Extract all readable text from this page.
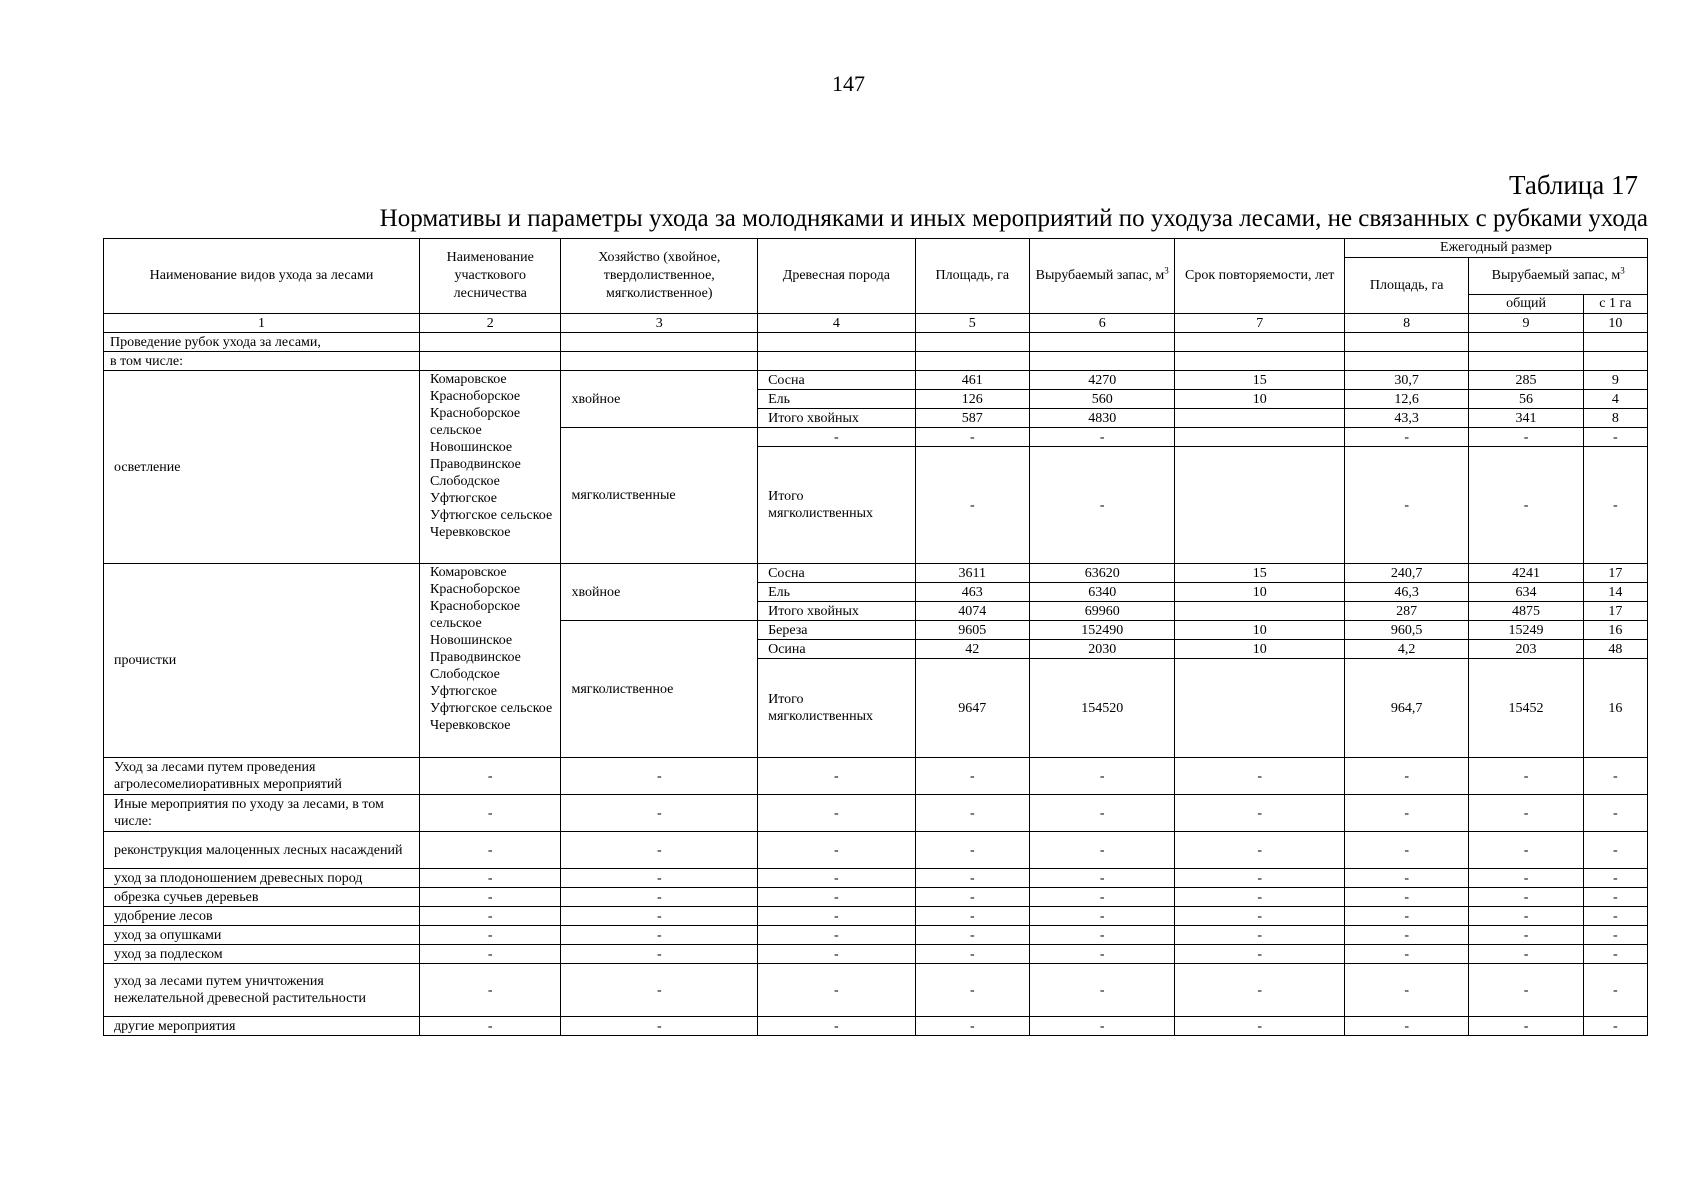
147
Таблица 17
Нормативы и параметры ухода за молодняками и иных мероприятий по уходуза лесами, не связанных с рубками ухода
Наименование видов ухода за лесами	Наименование участкового лесничества	Хозяйство (хвойное, твердолиственное, мягколиственное)	Древесная порода	Площадь, га	Вырубаемый запас, $м^3$	Срок повторяемости, лет	Ежегодный размер		
							Площадь, га	Вырубаемый запас, $м^3$
								общий	с 1 га
1	2	3	4	5	6	7	8	9	10
Проведение рубок ухода за лесами,									
в том числе:									
осветление	Комаровское Красноборское Красноборское сельское Новошинское Праводвинское Слободское Уфтюгское Уфтюгское сельское Черевковское	хвойное	Сосна	461	4270	15	30,7	285	9
			Ель	126	560	10	12,6	56	4
			Итого хвойных	587	4830		43,3	341	8
		мягколиственные	-	-	-		-	-	-
			Итого мягколиственных	-	-		-	-	-
прочистки	Комаровское Красноборское Красноборское сельское Новошинское Праводвинское Слободское Уфтюгское Уфтюгское сельское Черевковское	хвойное	Сосна	3611	63620	15	240,7	4241	17
			Ель	463	6340	10	46,3	634	14
			Итого хвойных	4074	69960		287	4875	17
		мягколиственное	Береза	9605	152490	10	960,5	15249	16
			Осина	42	2030	10	4,2	203	48
			Итого мягколиственных	9647	154520		964,7	15452	16
Уход за лесами путем проведения агролесомелиоративных мероприятий	-	-	-	-	-	-	-	-	-
Иные мероприятия по уходу за лесами, в том числе:	-	-	-	-	-	-	-	-	-
реконструкция малоценных лесных насаждений	-	-	-	-	-	-	-	-	-
уход за плодоношением древесных пород	-	-	-	-	-	-	-	-	-
обрезка сучьев деревьев	-	-	-	-	-	-	-	-	-
удобрение лесов	-	-	-	-	-	-	-	-	-
уход за опушками	-	-	-	-	-	-	-	-	-
уход за подлеском	-	-	-	-	-	-	-	-	-
уход за лесами путем уничтожения нежелательной древесной растительности	-	-	-	-	-	-	-	-	-
другие мероприятия	-	-	-	-	-	-	-	-	-
